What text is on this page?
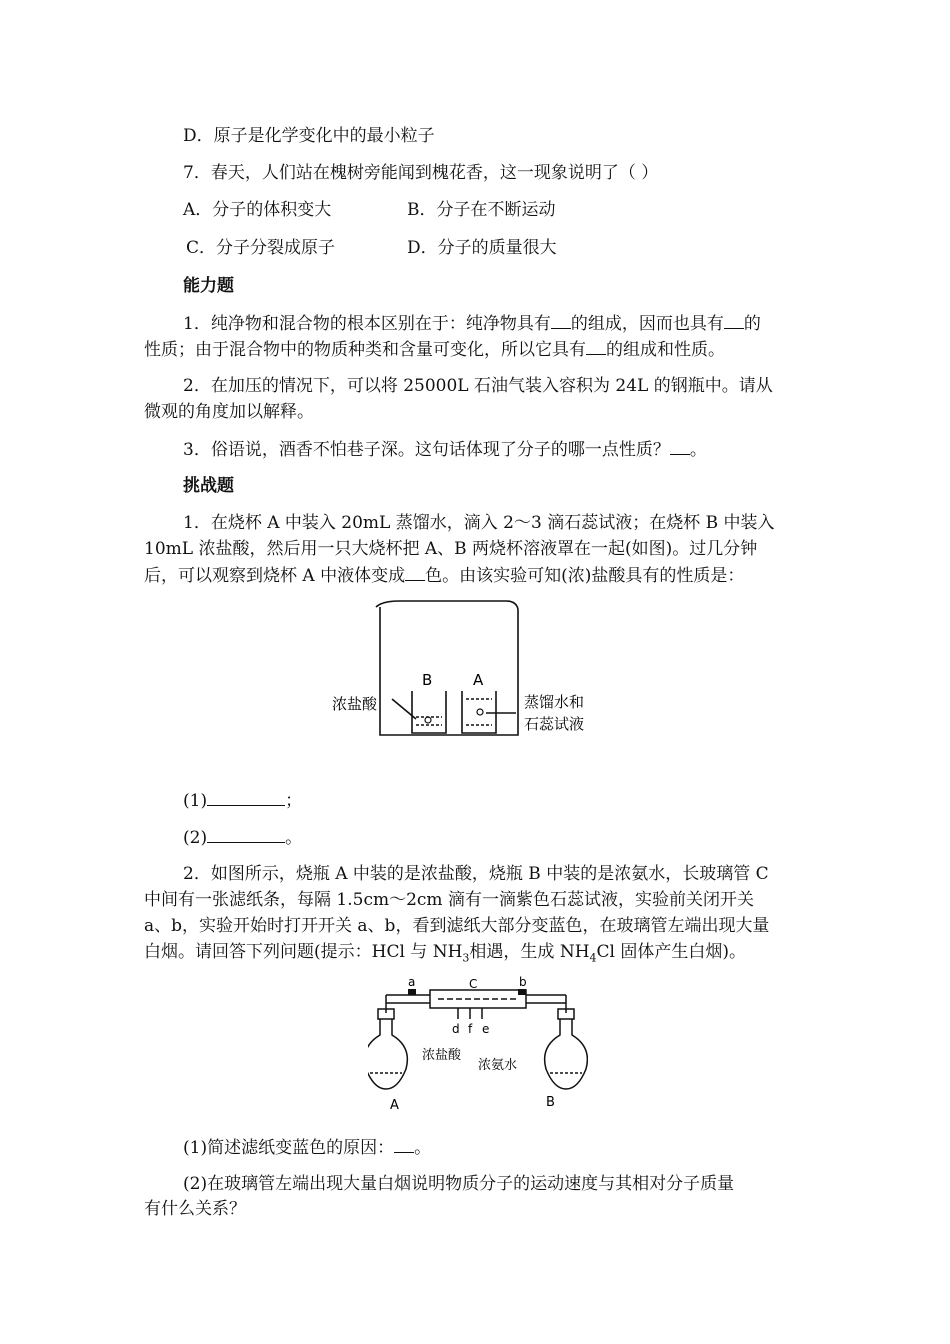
D．原子是化学变化中的最小粒子
7．春天，人们站在槐树旁能闻到槐花香，这一现象说明了（ ）
A．分子的体积变大	B．分子在不断运动
C．分子分裂成原子	D．分子的质量很大
能力题
1．纯净物和混合物的根本区别在于：纯净物具有 的组成，因而也具有 的
性质；由于混合物中的物质种类和含量可变化，所以它具有 的组成和性质。
2．在加压的情况下，可以将 25000L 石油气装入容积为 24L 的钢瓶中。请从
微观的角度加以解释。
3．俗语说，酒香不怕巷子深。这句话体现了分子的哪一点性质？ 。
挑战题
1．在烧杯 A 中装入 20mL 蒸馏水，滴入 2～3 滴石蕊试液；在烧杯 B 中装入
10mL 浓盐酸，然后用一只大烧杯把 A、B 两烧杯溶液罩在一起(如图)。过几分钟
后，可以观察到烧杯 A 中液体变成 色。由该实验可知(浓)盐酸具有的性质是：
B	A
浓盐酸	蒸馏水和
石蕊试液
(1)	；
(2)	。
2．如图所示，烧瓶 A 中装的是浓盐酸，烧瓶 B 中装的是浓氨水，长玻璃管 C
中间有一张滤纸条，每隔 1.5cm～2cm 滴有一滴紫色石蕊试液，实验前关闭开关
a、b，实验开始时打开开关 a、b，看到滤纸大部分变蓝色，在玻璃管左端出现大量
白烟。请回答下列问题(提示：HCl 与 $NH_3$相遇，生成 $NH_4Cl$ 固体产生白烟)。
a	C	b
d f e
浓盐酸
浓氨水
A	B
(1)简述滤纸变蓝色的原因： 。
(2)在玻璃管左端出现大量白烟说明物质分子的运动速度与其相对分子质量
有什么关系？
